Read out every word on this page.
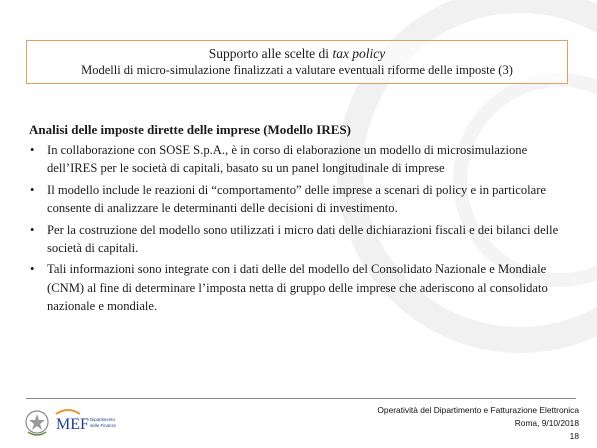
Supporto alle scelte di tax policy
Modelli di micro-simulazione finalizzati a valutare eventuali riforme delle imposte (3)
Analisi delle imposte dirette delle imprese (Modello IRES)
• In collaborazione con SOSE S.p.A., è in corso di elaborazione un modello di microsimulazione dell’IRES per le società di capitali, basato su un panel longitudinale di imprese
• Il modello include le reazioni di “comportamento” delle imprese a scenari di policy e in particolare consente di analizzare le determinanti delle decisioni di investimento.
• Per la costruzione del modello sono utilizzati i micro dati delle dichiarazioni fiscali e dei bilanci delle società di capitali.
• Tali informazioni sono integrate con i dati delle del modello del Consolidato Nazionale e Mondiale (CNM) al fine di determinare l’imposta netta di gruppo delle imprese che aderiscono al consolidato nazionale e mondiale.
MEF Dipartimento
delle Finanze
Operatività del Dipartimento e Fatturazione Elettronica
Roma, 9/10/2018
18
